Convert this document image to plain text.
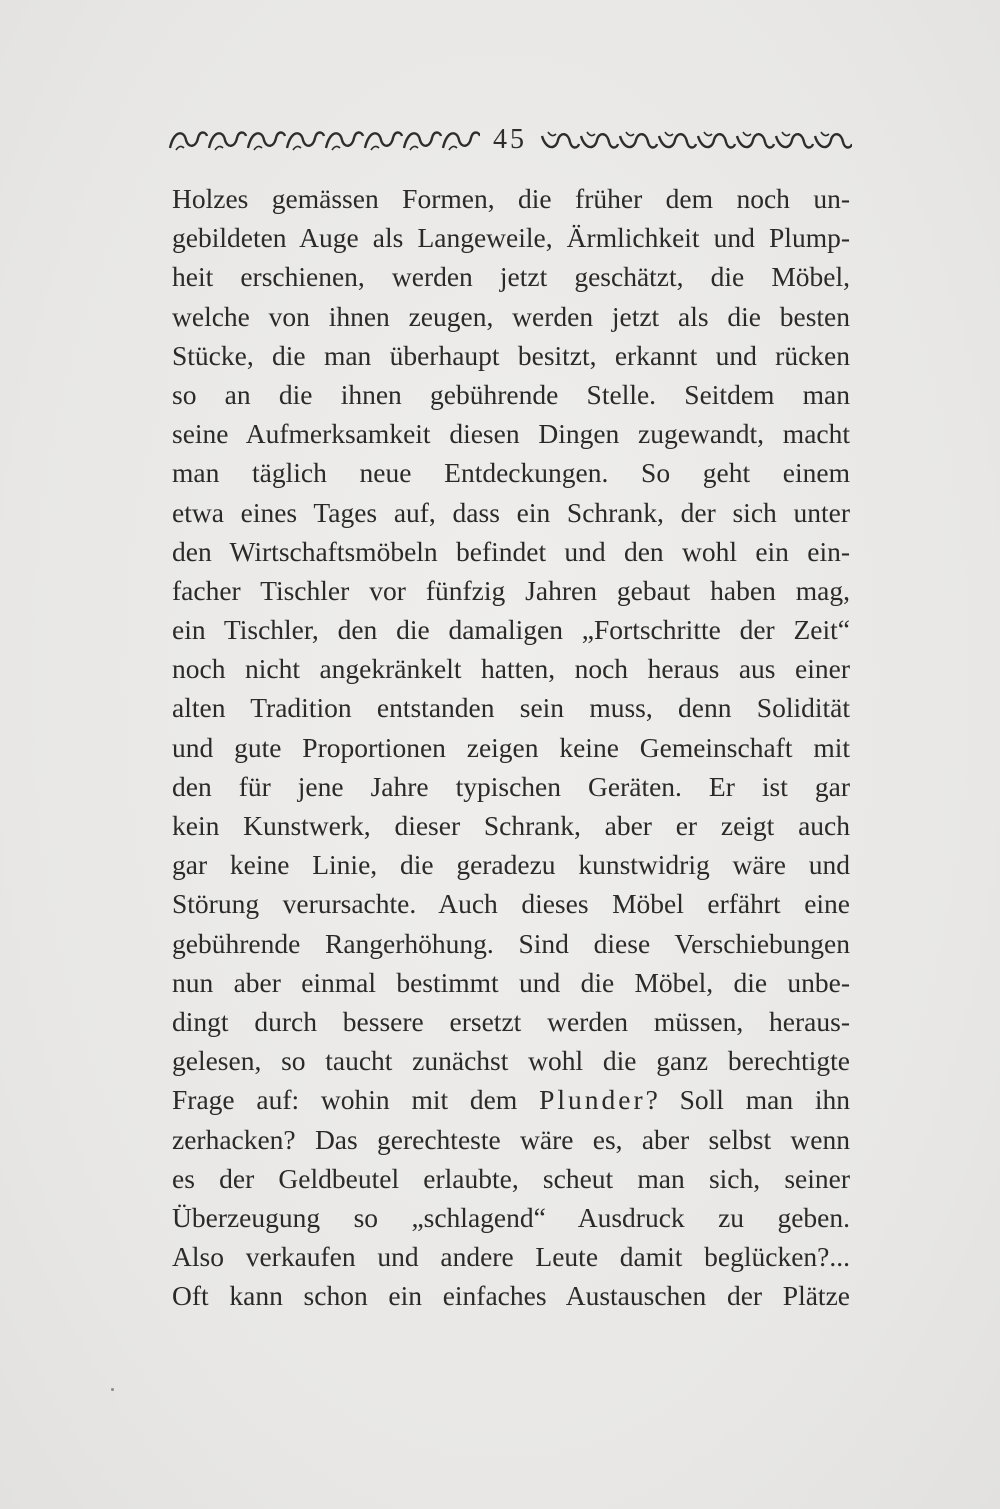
45
Holzes gemässen Formen, die früher dem noch un-
gebildeten Auge als Langeweile, Ärmlichkeit und Plump-
heit erschienen, werden jetzt geschätzt, die Möbel,
welche von ihnen zeugen, werden jetzt als die besten
Stücke, die man überhaupt besitzt, erkannt und rücken
so an die ihnen gebührende Stelle. Seitdem man
seine Aufmerksamkeit diesen Dingen zugewandt, macht
man täglich neue Entdeckungen. So geht einem
etwa eines Tages auf, dass ein Schrank, der sich unter
den Wirtschaftsmöbeln befindet und den wohl ein ein-
facher Tischler vor fünfzig Jahren gebaut haben mag,
ein Tischler, den die damaligen „Fortschritte der Zeit“
noch nicht angekränkelt hatten, noch heraus aus einer
alten Tradition entstanden sein muss, denn Solidität
und gute Proportionen zeigen keine Gemeinschaft mit
den für jene Jahre typischen Geräten. Er ist gar
kein Kunstwerk, dieser Schrank, aber er zeigt auch
gar keine Linie, die geradezu kunstwidrig wäre und
Störung verursachte. Auch dieses Möbel erfährt eine
gebührende Rangerhöhung. Sind diese Verschiebungen
nun aber einmal bestimmt und die Möbel, die unbe-
dingt durch bessere ersetzt werden müssen, heraus-
gelesen, so taucht zunächst wohl die ganz berechtigte
Frage auf: wohin mit dem Plunder? Soll man ihn
zerhacken? Das gerechteste wäre es, aber selbst wenn
es der Geldbeutel erlaubte, scheut man sich, seiner
Überzeugung so „schlagend“ Ausdruck zu geben.
Also verkaufen und andere Leute damit beglücken?...
Oft kann schon ein einfaches Austauschen der Plätze
